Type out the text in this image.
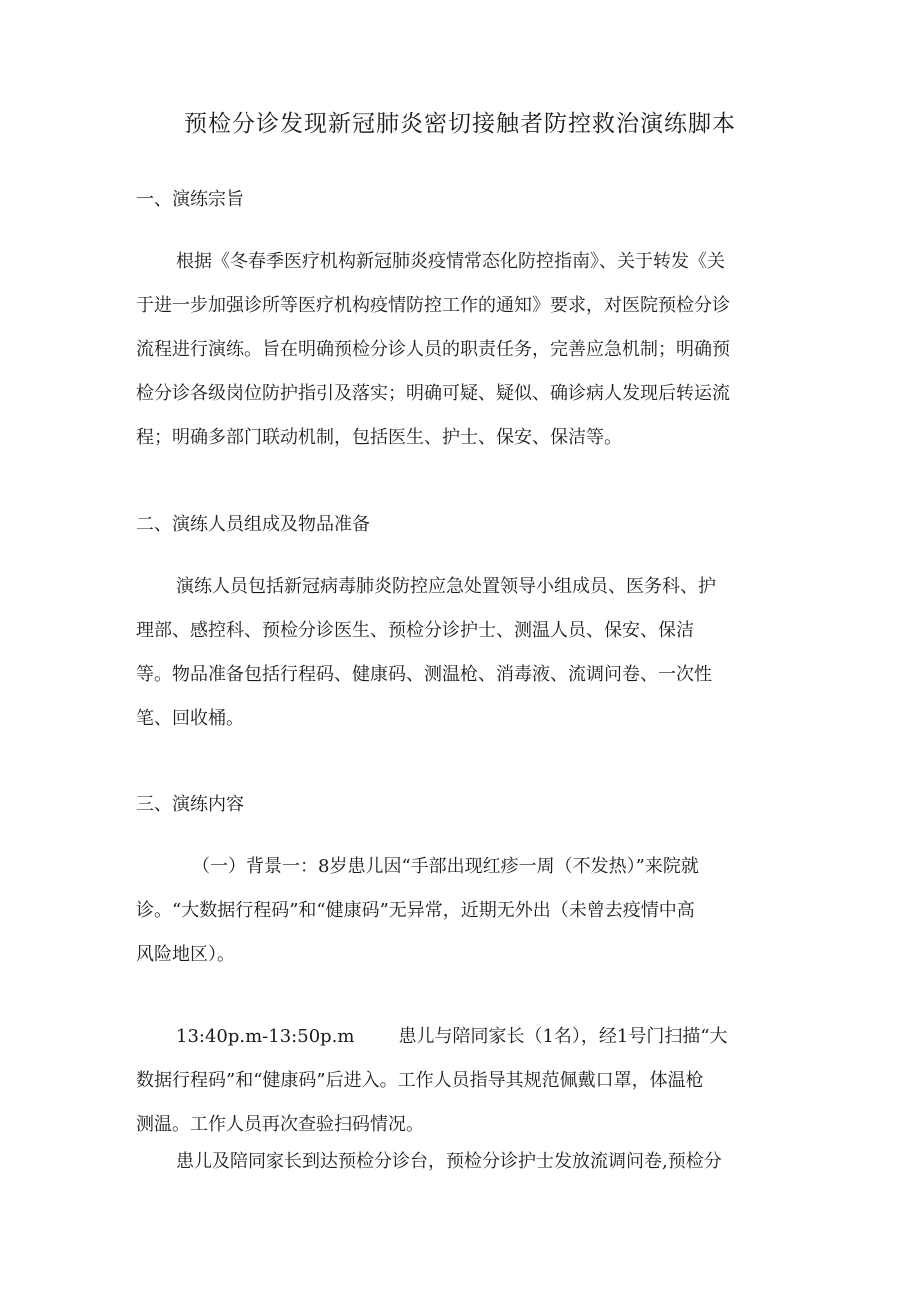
预检分诊发现新冠肺炎密切接触者防控救治演练脚本
一、演练宗旨
根据《冬春季医疗机构新冠肺炎疫情常态化防控指南》、关于转发《关
于进一步加强诊所等医疗机构疫情防控工作的通知》要求，对医院预检分诊
流程进行演练。旨在明确预检分诊人员的职责任务，完善应急机制；明确预
检分诊各级岗位防护指引及落实；明确可疑、疑似、确诊病人发现后转运流
程；明确多部门联动机制，包括医生、护士、保安、保洁等。
二、演练人员组成及物品准备
演练人员包括新冠病毒肺炎防控应急处置领导小组成员、医务科、护
理部、感控科、预检分诊医生、预检分诊护士、测温人员、保安、保洁
等。物品准备包括行程码、健康码、测温枪、消毒液、流调问卷、一次性
笔、回收桶。
三、演练内容
（一）背景一：8岁患儿因“手部出现红疹一周（不发热）”来院就
诊。“大数据行程码”和“健康码”无异常，近期无外出（未曾去疫情中高
风险地区）。
13:40p.m-13:50p.m 患儿与陪同家长（1名），经1号门扫描“大
数据行程码”和“健康码”后进入。工作人员指导其规范佩戴口罩，体温枪
测温。工作人员再次查验扫码情况。
患儿及陪同家长到达预检分诊台，预检分诊护士发放流调问卷,预检分
